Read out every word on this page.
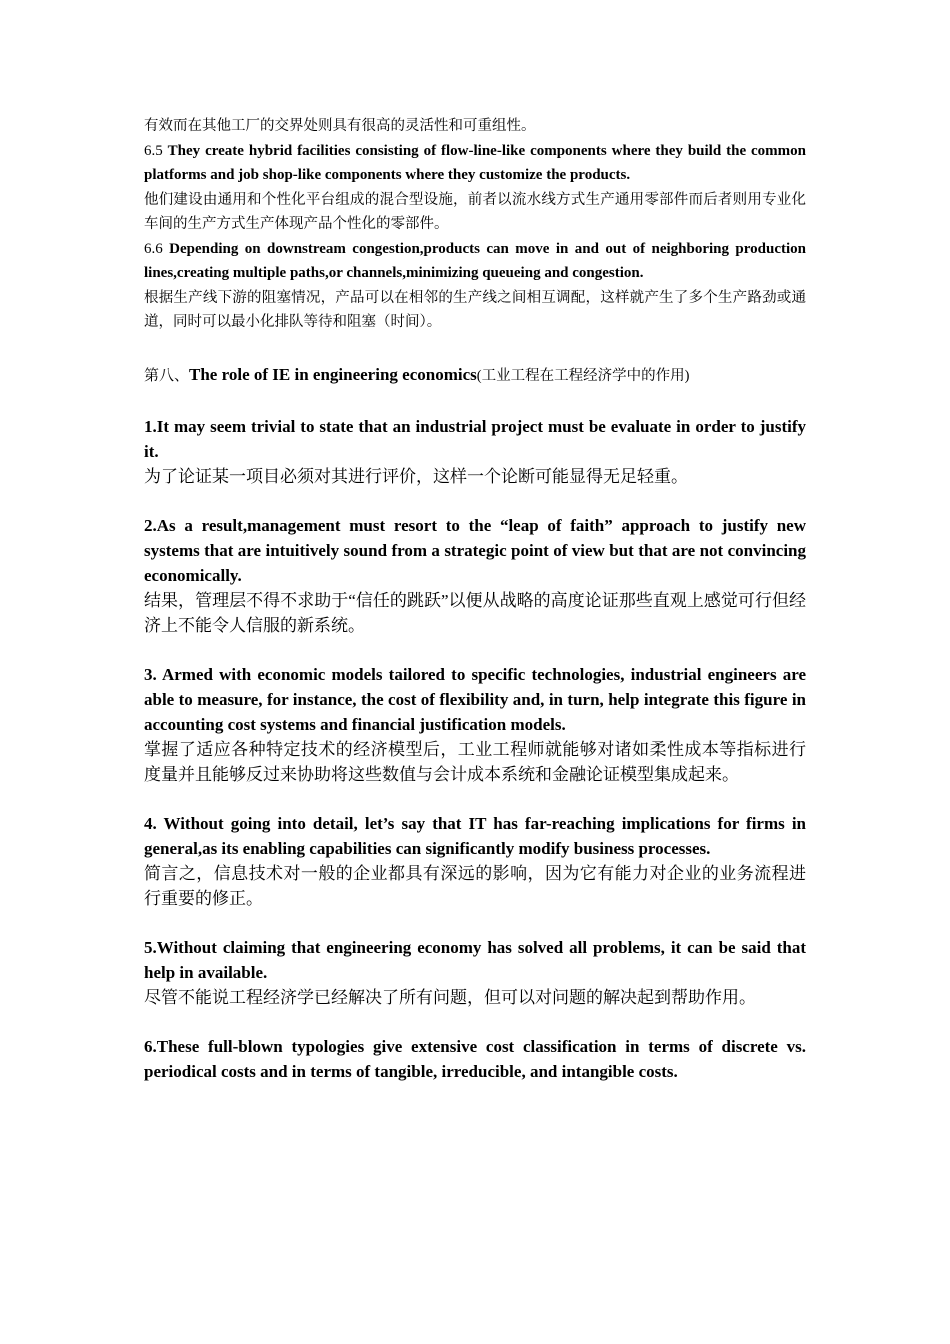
有效而在其他工厂的交界处则具有很高的灵活性和可重组性。

6.5 They create hybrid facilities consisting of flow-line-like components where they build the common platforms and job shop-like components where they customize the products.

他们建设由通用和个性化平台组成的混合型设施，前者以流水线方式生产通用零部件而后者则用专业化车间的生产方式生产体现产品个性化的零部件。

6.6 Depending on downstream congestion,products can move in and out of neighboring production lines,creating multiple paths,or channels,minimizing queueing and congestion.

根据生产线下游的阻塞情况，产品可以在相邻的生产线之间相互调配，这样就产生了多个生产路劲或通道，同时可以最小化排队等待和阻塞（时间）。

第八、The role of IE in engineering economics(工业工程在工程经济学中的作用)

1.It may seem trivial to state that an industrial project must be evaluate in order to justify it.

为了论证某一项目必须对其进行评价，这样一个论断可能显得无足轻重。

2.As a result,management must resort to the “leap of faith” approach to justify new systems that are intuitively sound from a strategic point of view but that are not convincing economically.

结果，管理层不得不求助于“信任的跳跃”以便从战略的高度论证那些直观上感觉可行但经济上不能令人信服的新系统。

3. Armed with economic models tailored to specific technologies, industrial engineers are able to measure, for instance, the cost of flexibility and, in turn, help integrate this figure in accounting cost systems and financial justification models.

掌握了适应各种特定技术的经济模型后，工业工程师就能够对诸如柔性成本等指标进行度量并且能够反过来协助将这些数值与会计成本系统和金融论证模型集成起来。

4. Without going into detail, let’s say that IT has far-reaching implications for firms in general,as its enabling capabilities can significantly modify business processes.

简言之，信息技术对一般的企业都具有深远的影响，因为它有能力对企业的业务流程进行重要的修正。

5.Without claiming that engineering economy has solved all problems, it can be said that help in available.

尽管不能说工程经济学已经解决了所有问题，但可以对问题的解决起到帮助作用。

6.These full-blown typologies give extensive cost classification in terms of discrete vs. periodical costs and in terms of tangible, irreducible, and intangible costs.
